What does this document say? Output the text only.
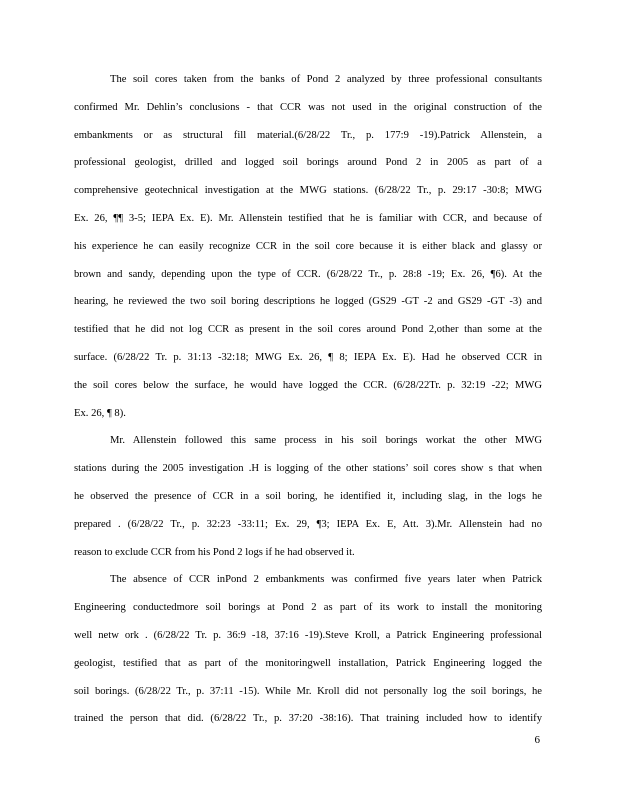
The soil cores taken from the banks of Pond 2 analyzed by three professional consultants
confirmed Mr. Dehlin’s conclusions - that CCR was not used in the original construction of the
embankments or as structural fill material.(6/28/22 Tr., p. 177:9 -19).Patrick Allenstein, a
professional geologist, drilled and logged soil borings around Pond 2 in 2005 as part of a
comprehensive geotechnical investigation at the MWG stations. (6/28/22 Tr., p. 29:17 -30:8; MWG
Ex. 26, ¶¶ 3-5; IEPA Ex. E). Mr. Allenstein testified that he is familiar with CCR, and because of
his experience he can easily recognize CCR in the soil core because it is either black and glassy or
brown and sandy, depending upon the type of CCR. (6/28/22 Tr., p. 28:8 -19; Ex. 26, ¶6). At the
hearing, he reviewed the two soil boring descriptions he logged (GS29 -GT -2 and GS29 -GT -3) and
testified that he did not log CCR as present in the soil cores around Pond 2,other than some at the
surface. (6/28/22 Tr. p. 31:13 -32:18; MWG Ex. 26, ¶ 8; IEPA Ex. E). Had he observed CCR in
the soil cores below the surface, he would have logged the CCR. (6/28/22Tr. p. 32:19 -22; MWG
Ex. 26, ¶ 8).
Mr. Allenstein followed this same process in his soil borings workat the other MWG
stations during the 2005 investigation .H is logging of the other stations’ soil cores show s that when
he observed the presence of CCR in a soil boring, he identified it, including slag, in the logs he
prepared . (6/28/22 Tr., p. 32:23 -33:11; Ex. 29, ¶3; IEPA Ex. E, Att. 3).Mr. Allenstein had no
reason to exclude CCR from his Pond 2 logs if he had observed it.
The absence of CCR inPond 2 embankments was confirmed five years later when Patrick
Engineering conductedmore soil borings at Pond 2 as part of its work to install the monitoring
well netw ork . (6/28/22 Tr. p. 36:9 -18, 37:16 -19).Steve Kroll, a Patrick Engineering professional
geologist, testified that as part of the monitoringwell installation, Patrick Engineering logged the
soil borings. (6/28/22 Tr., p. 37:11 -15). While Mr. Kroll did not personally log the soil borings, he
trained the person that did. (6/28/22 Tr., p. 37:20 -38:16). That training included how to identify
6
